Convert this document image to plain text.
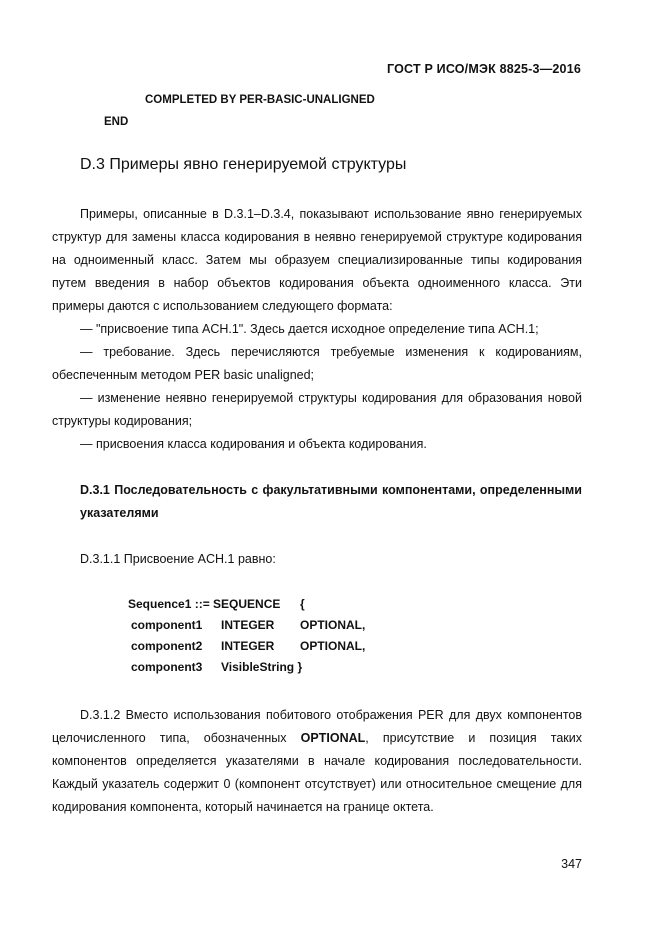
ГОСТ Р ИСО/МЭК 8825-3—2016
COMPLETED BY PER-BASIC-UNALIGNED
END
D.3 Примеры явно генерируемой структуры

Примеры, описанные в D.3.1–D.3.4, показывают использование явно генерируемых структур для замены класса кодирования в неявно генерируемой структуре кодирования на одноименный класс. Затем мы образуем специализированные типы кодирования путем введения в набор объектов кодирования объекта одноименного класса. Эти примеры даются с использованием следующего формата:

— "присвоение типа ACH.1". Здесь дается исходное определение типа ACH.1;

— требование. Здесь перечисляются требуемые изменения к кодированиям, обеспеченным методом PER basic unaligned;

— изменение неявно генерируемой структуры кодирования для образования новой структуры кодирования;

— присвоения класса кодирования и объекта кодирования.

D.3.1 Последовательность с факультативными компонентами, определенными указателями
D.3.1.1 Присвоение ACH.1 равно:
Sequence1 ::= SEQUENCE {
component1 INTEGER OPTIONAL,
component2 INTEGER OPTIONAL,
component3 VisibleString }

D.3.1.2 Вместо использования побитового отображения PER для двух компонентов целочисленного типа, обозначенных OPTIONAL, присутствие и позиция таких компонентов определяется указателями в начале кодирования последовательности. Каждый указатель содержит 0 (компонент отсутствует) или относительное смещение для кодирования компонента, который начинается на границе октета.

347
